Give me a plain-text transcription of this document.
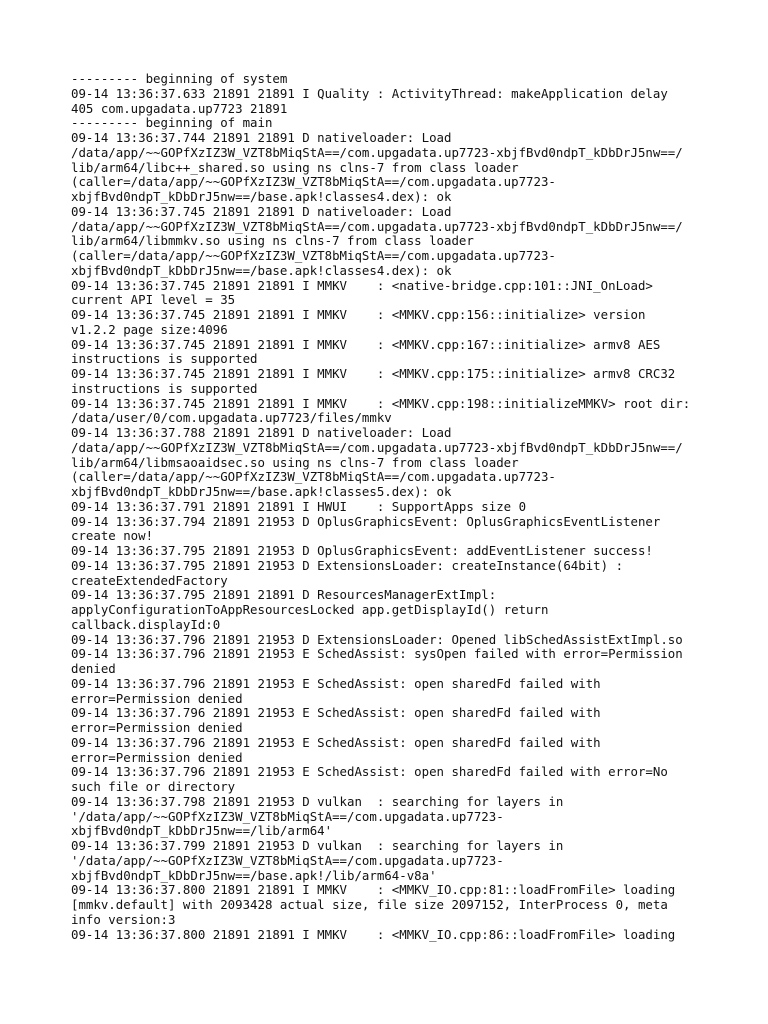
--------- beginning of system
09-14 13:36:37.633 21891 21891 I Quality : ActivityThread: makeApplication delay
405 com.upgadata.up7723 21891
--------- beginning of main
09-14 13:36:37.744 21891 21891 D nativeloader: Load
/data/app/~~GOPfXzIZ3W_VZT8bMiqStA==/com.upgadata.up7723-xbjfBvd0ndpT_kDbDrJ5nw==/
lib/arm64/libc++_shared.so using ns clns-7 from class loader
(caller=/data/app/~~GOPfXzIZ3W_VZT8bMiqStA==/com.upgadata.up7723-
xbjfBvd0ndpT_kDbDrJ5nw==/base.apk!classes4.dex): ok
09-14 13:36:37.745 21891 21891 D nativeloader: Load
/data/app/~~GOPfXzIZ3W_VZT8bMiqStA==/com.upgadata.up7723-xbjfBvd0ndpT_kDbDrJ5nw==/
lib/arm64/libmmkv.so using ns clns-7 from class loader
(caller=/data/app/~~GOPfXzIZ3W_VZT8bMiqStA==/com.upgadata.up7723-
xbjfBvd0ndpT_kDbDrJ5nw==/base.apk!classes4.dex): ok
09-14 13:36:37.745 21891 21891 I MMKV    : <native-bridge.cpp:101::JNI_OnLoad>
current API level = 35
09-14 13:36:37.745 21891 21891 I MMKV    : <MMKV.cpp:156::initialize> version
v1.2.2 page size:4096
09-14 13:36:37.745 21891 21891 I MMKV    : <MMKV.cpp:167::initialize> armv8 AES
instructions is supported
09-14 13:36:37.745 21891 21891 I MMKV    : <MMKV.cpp:175::initialize> armv8 CRC32
instructions is supported
09-14 13:36:37.745 21891 21891 I MMKV    : <MMKV.cpp:198::initializeMMKV> root dir:
/data/user/0/com.upgadata.up7723/files/mmkv
09-14 13:36:37.788 21891 21891 D nativeloader: Load
/data/app/~~GOPfXzIZ3W_VZT8bMiqStA==/com.upgadata.up7723-xbjfBvd0ndpT_kDbDrJ5nw==/
lib/arm64/libmsaoaidsec.so using ns clns-7 from class loader
(caller=/data/app/~~GOPfXzIZ3W_VZT8bMiqStA==/com.upgadata.up7723-
xbjfBvd0ndpT_kDbDrJ5nw==/base.apk!classes5.dex): ok
09-14 13:36:37.791 21891 21891 I HWUI    : SupportApps size 0
09-14 13:36:37.794 21891 21953 D OplusGraphicsEvent: OplusGraphicsEventListener
create now!
09-14 13:36:37.795 21891 21953 D OplusGraphicsEvent: addEventListener success!
09-14 13:36:37.795 21891 21953 D ExtensionsLoader: createInstance(64bit) :
createExtendedFactory
09-14 13:36:37.795 21891 21891 D ResourcesManagerExtImpl:
applyConfigurationToAppResourcesLocked app.getDisplayId() return
callback.displayId:0
09-14 13:36:37.796 21891 21953 D ExtensionsLoader: Opened libSchedAssistExtImpl.so
09-14 13:36:37.796 21891 21953 E SchedAssist: sysOpen failed with error=Permission
denied
09-14 13:36:37.796 21891 21953 E SchedAssist: open sharedFd failed with
error=Permission denied
09-14 13:36:37.796 21891 21953 E SchedAssist: open sharedFd failed with
error=Permission denied
09-14 13:36:37.796 21891 21953 E SchedAssist: open sharedFd failed with
error=Permission denied
09-14 13:36:37.796 21891 21953 E SchedAssist: open sharedFd failed with error=No
such file or directory
09-14 13:36:37.798 21891 21953 D vulkan  : searching for layers in
'/data/app/~~GOPfXzIZ3W_VZT8bMiqStA==/com.upgadata.up7723-
xbjfBvd0ndpT_kDbDrJ5nw==/lib/arm64'
09-14 13:36:37.799 21891 21953 D vulkan  : searching for layers in
'/data/app/~~GOPfXzIZ3W_VZT8bMiqStA==/com.upgadata.up7723-
xbjfBvd0ndpT_kDbDrJ5nw==/base.apk!/lib/arm64-v8a'
09-14 13:36:37.800 21891 21891 I MMKV    : <MMKV_IO.cpp:81::loadFromFile> loading
[mmkv.default] with 2093428 actual size, file size 2097152, InterProcess 0, meta
info version:3
09-14 13:36:37.800 21891 21891 I MMKV    : <MMKV_IO.cpp:86::loadFromFile> loading
